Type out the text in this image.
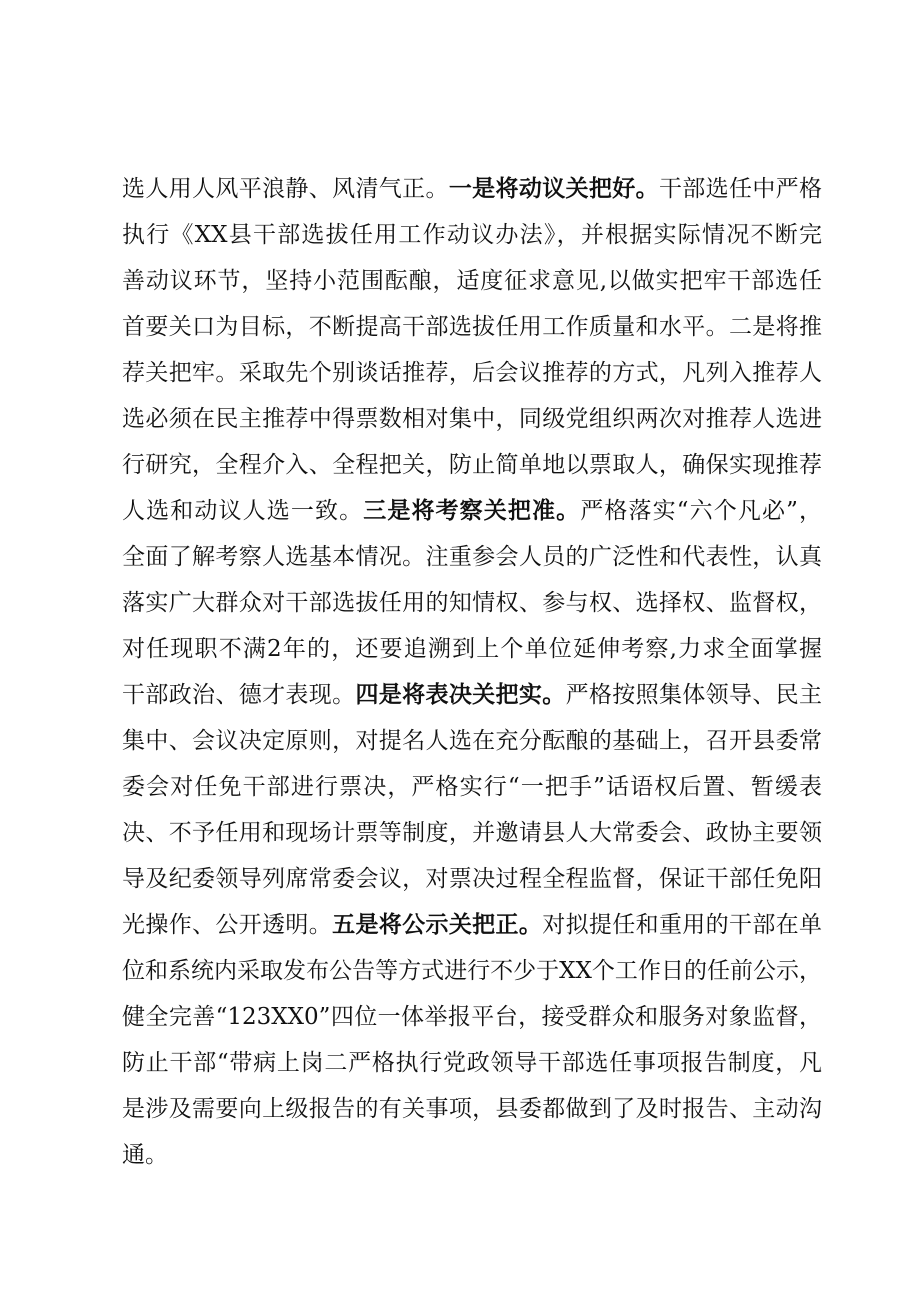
选人用人风平浪静、风清气正。一是将动议关把好。干部选任中严格
执行《XX县干部选拔任用工作动议办法》，并根据实际情况不断完
善动议环节，坚持小范围酝酿，适度征求意见,以做实把牢干部选任
首要关口为目标，不断提高干部选拔任用工作质量和水平。二是将推
荐关把牢。采取先个别谈话推荐，后会议推荐的方式，凡列入推荐人
选必须在民主推荐中得票数相对集中，同级党组织两次对推荐人选进
行研究，全程介入、全程把关，防止简单地以票取人，确保实现推荐
人选和动议人选一致。三是将考察关把准。严格落实“六个凡必”，
全面了解考察人选基本情况。注重参会人员的广泛性和代表性，认真
落实广大群众对干部选拔任用的知情权、参与权、选择权、监督权，
对任现职不满2年的，还要追溯到上个单位延伸考察,力求全面掌握
干部政治、德才表现。四是将表决关把实。严格按照集体领导、民主
集中、会议决定原则，对提名人选在充分酝酿的基础上，召开县委常
委会对任免干部进行票决，严格实行“一把手”话语权后置、暂缓表
决、不予任用和现场计票等制度，并邀请县人大常委会、政协主要领
导及纪委领导列席常委会议，对票决过程全程监督，保证干部任免阳
光操作、公开透明。五是将公示关把正。对拟提任和重用的干部在单
位和系统内采取发布公告等方式进行不少于XX个工作日的任前公示，
健全完善“123XX0”四位一体举报平台，接受群众和服务对象监督，
防止干部“带病上岗二严格执行党政领导干部选任事项报告制度，凡
是涉及需要向上级报告的有关事项，县委都做到了及时报告、主动沟
通。
